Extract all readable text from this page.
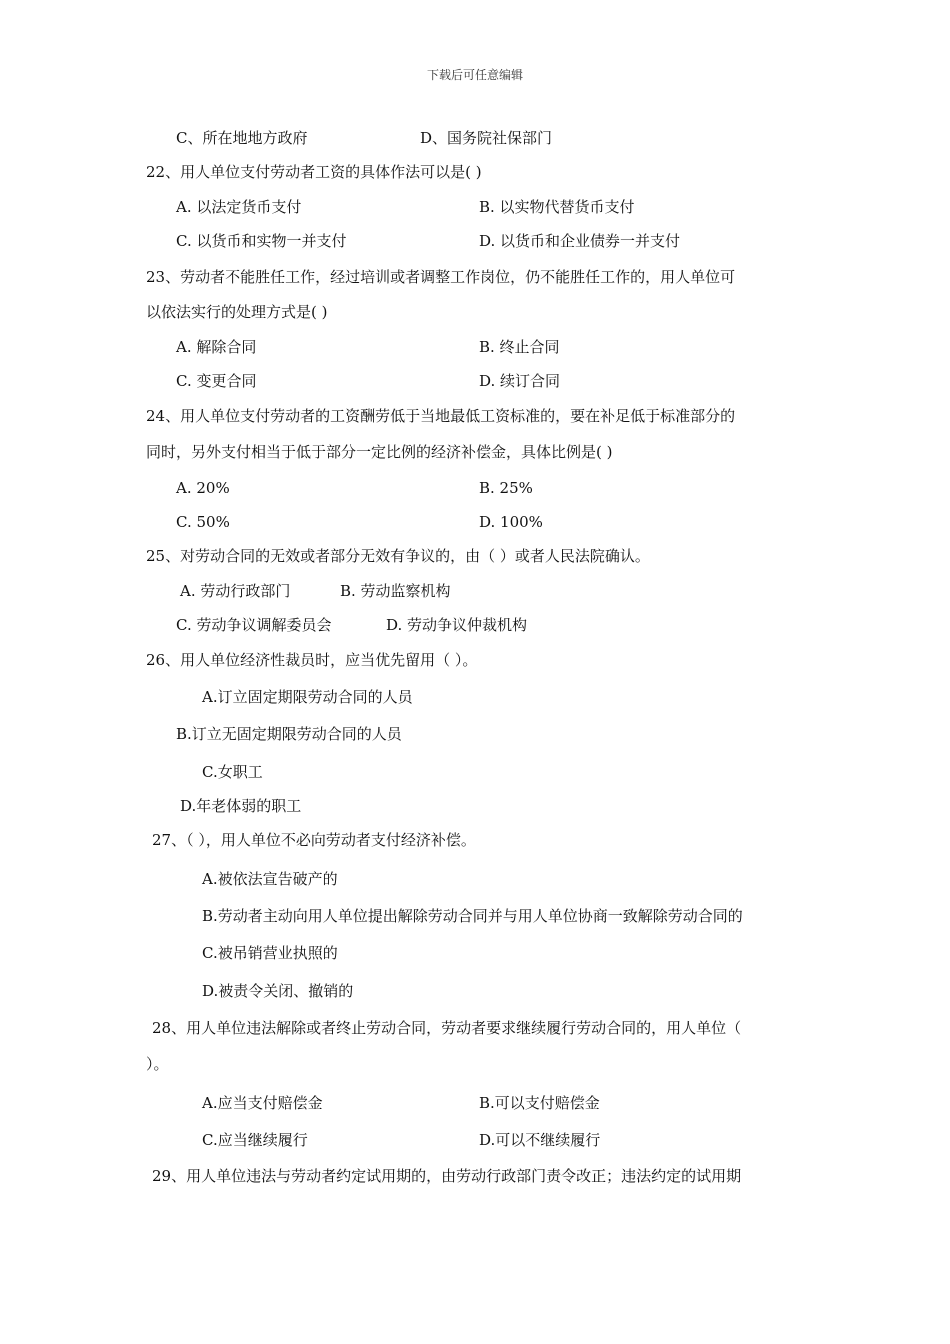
下载后可任意编辑
C、所在地地方政府	D、国务院社保部门
22、用人单位支付劳动者工资的具体作法可以是( )
A. 以法定货币支付	B. 以实物代替货币支付
C. 以货币和实物一并支付	D. 以货币和企业债券一并支付
23、劳动者不能胜任工作，经过培训或者调整工作岗位，仍不能胜任工作的，用人单位可
以依法实行的处理方式是( )
A. 解除合同	B. 终止合同
C. 变更合同	D. 续订合同
24、用人单位支付劳动者的工资酬劳低于当地最低工资标准的，要在补足低于标准部分的
同时，另外支付相当于低于部分一定比例的经济补偿金，具体比例是( )
A. 20%	B. 25%
C. 50%	D. 100%
25、对劳动合同的无效或者部分无效有争议的，由（ ）或者人民法院确认。
A. 劳动行政部门	B. 劳动监察机构
C. 劳动争议调解委员会	D. 劳动争议仲裁机构
26、用人单位经济性裁员时，应当优先留用（ ）。
A.订立固定期限劳动合同的人员
B.订立无固定期限劳动合同的人员
C.女职工
D.年老体弱的职工
27、（ ），用人单位不必向劳动者支付经济补偿。
A.被依法宣告破产的
B.劳动者主动向用人单位提出解除劳动合同并与用人单位协商一致解除劳动合同的
C.被吊销营业执照的
D.被责令关闭、撤销的
28、用人单位违法解除或者终止劳动合同，劳动者要求继续履行劳动合同的，用人单位（
）。
A.应当支付赔偿金	B.可以支付赔偿金
C.应当继续履行	D.可以不继续履行
29、用人单位违法与劳动者约定试用期的，由劳动行政部门责令改正；违法约定的试用期
